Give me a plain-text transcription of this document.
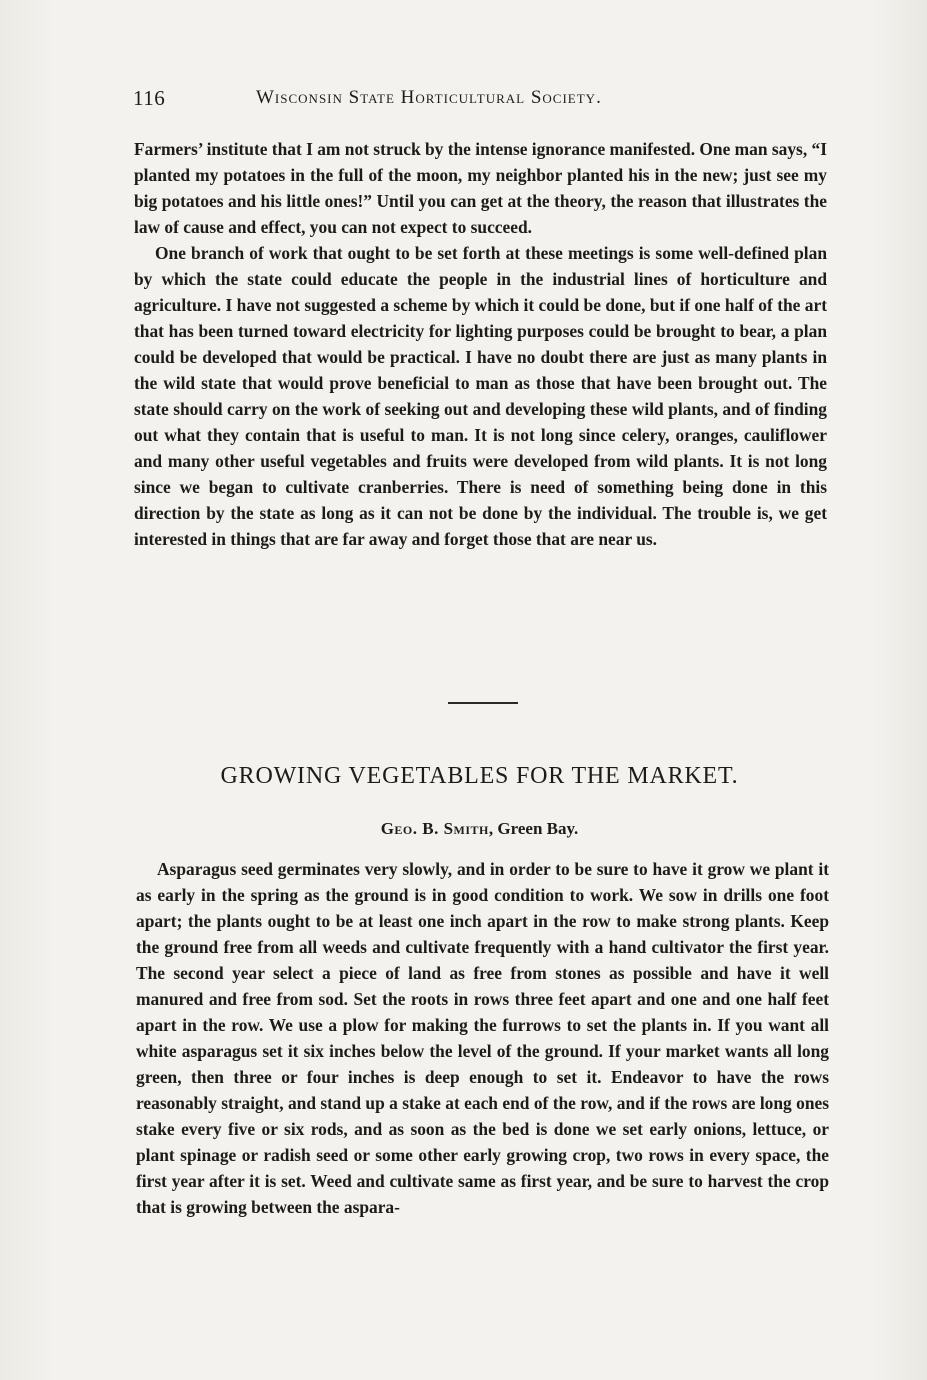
116	Wisconsin State Horticultural Society.

Farmers’ institute that I am not struck by the intense ignorance manifested. One man says, “I planted my potatoes in the full of the moon, my neighbor planted his in the new; just see my big potatoes and his little ones!” Until you can get at the theory, the reason that illustrates the law of cause and effect, you can not expect to succeed.

One branch of work that ought to be set forth at these meetings is some well-defined plan by which the state could educate the people in the industrial lines of horticulture and agriculture. I have not suggested a scheme by which it could be done, but if one half of the art that has been turned toward electricity for lighting purposes could be brought to bear, a plan could be developed that would be practical. I have no doubt there are just as many plants in the wild state that would prove beneficial to man as those that have been brought out. The state should carry on the work of seeking out and developing these wild plants, and of finding out what they contain that is useful to man. It is not long since celery, oranges, cauliflower and many other useful vegetables and fruits were developed from wild plants. It is not long since we began to cultivate cranberries. There is need of something being done in this direction by the state as long as it can not be done by the individual. The trouble is, we get interested in things that are far away and forget those that are near us.

GROWING VEGETABLES FOR THE MARKET.
Geo. B. Smith, Green Bay.

Asparagus seed germinates very slowly, and in order to be sure to have it grow we plant it as early in the spring as the ground is in good condition to work. We sow in drills one foot apart; the plants ought to be at least one inch apart in the row to make strong plants. Keep the ground free from all weeds and cultivate frequently with a hand cultivator the first year. The second year select a piece of land as free from stones as possible and have it well manured and free from sod. Set the roots in rows three feet apart and one and one half feet apart in the row. We use a plow for making the furrows to set the plants in. If you want all white asparagus set it six inches below the level of the ground. If your market wants all long green, then three or four inches is deep enough to set it. Endeavor to have the rows reasonably straight, and stand up a stake at each end of the row, and if the rows are long ones stake every five or six rods, and as soon as the bed is done we set early onions, lettuce, or plant spinage or radish seed or some other early growing crop, two rows in every space, the first year after it is set. Weed and cultivate same as first year, and be sure to harvest the crop that is growing between the aspara-
